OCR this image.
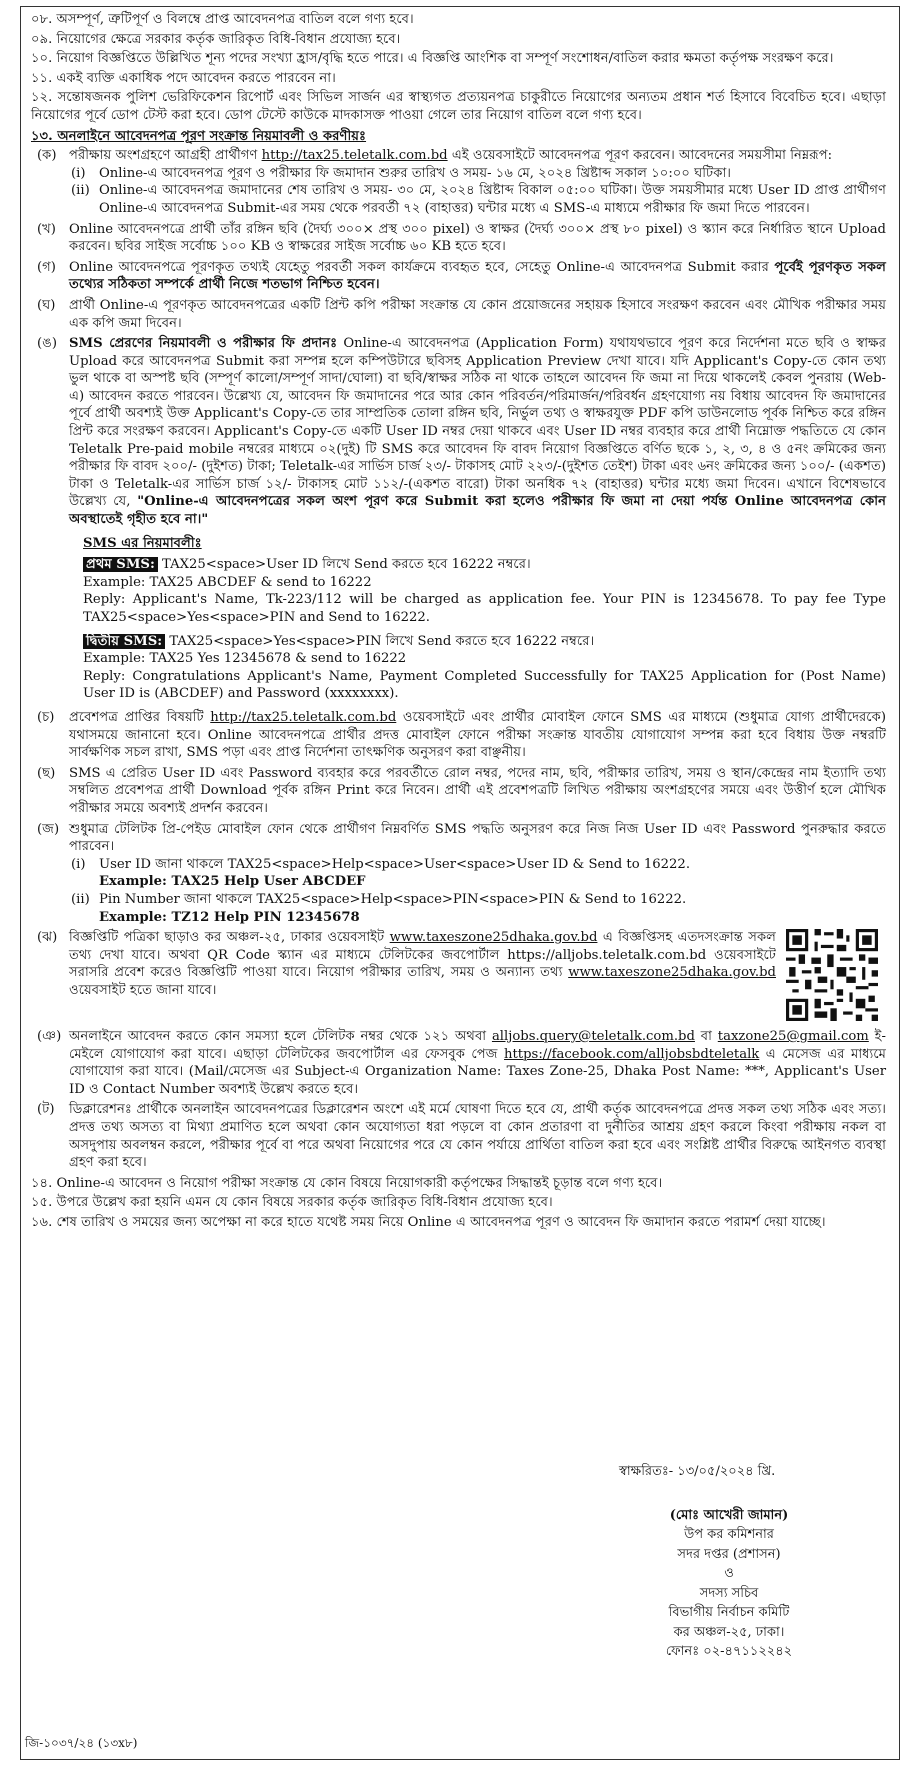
০৮. অসম্পূর্ণ, ত্রুটিপূর্ণ ও বিলম্বে প্রাপ্ত আবেদনপত্র বাতিল বলে গণ্য হবে।

০৯. নিয়োগের ক্ষেত্রে সরকার কর্তৃক জারিকৃত বিধি-বিধান প্রযোজ্য হবে।

১০. নিয়োগ বিজ্ঞপ্তিতে উল্লিখিত শূন্য পদের সংখ্যা হ্রাস/বৃদ্ধি হতে পারে। এ বিজ্ঞপ্তি আংশিক বা সম্পূর্ণ সংশোধন/বাতিল করার ক্ষমতা কর্তৃপক্ষ সংরক্ষণ করে।

১১. একই ব্যক্তি একাধিক পদে আবেদন করতে পারবেন না।

১২. সন্তোষজনক পুলিশ ভেরিফিকেশন রিপোর্ট এবং সিভিল সার্জন এর স্বাস্থ্যগত প্রত্যয়নপত্র চাকুরীতে নিয়োগের অন্যতম প্রধান শর্ত হিসাবে বিবেচিত হবে। এছাড়া নিয়োগের পূর্বে ডোপ টেস্ট করা হবে। ডোপ টেস্টে কাউকে মাদকাসক্ত পাওয়া গেলে তার নিয়োগ বাতিল বলে গণ্য হবে।

১৩. অনলাইনে আবেদনপত্র পূরণ সংক্রান্ত নিয়মাবলী ও করণীয়ঃ

(ক) পরীক্ষায় অংশগ্রহণে আগ্রহী প্রার্থীগণ http://tax25.teletalk.com.bd এই ওয়েবসাইটে আবেদনপত্র পূরণ করবেন। আবেদনের সময়সীমা নিম্নরূপ:
(i) Online-এ আবেদনপত্র পূরণ ও পরীক্ষার ফি জমাদান শুরুর তারিখ ও সময়- ১৬ মে, ২০২৪ খ্রিষ্টাব্দ সকাল ১০:০০ ঘটিকা।
(ii) Online-এ আবেদনপত্র জমাদানের শেষ তারিখ ও সময়- ৩০ মে, ২০২৪ খ্রিষ্টাব্দ বিকাল ০৫:০০ ঘটিকা। উক্ত সময়সীমার মধ্যে User ID প্রাপ্ত প্রার্থীগণ Online-এ আবেদনপত্র Submit-এর সময় থেকে পরবর্তী ৭২ (বাহাত্তর) ঘন্টার মধ্যে এ SMS-এ মাধ্যমে পরীক্ষার ফি জমা দিতে পারবেন।
(খ) Online আবেদনপত্রে প্রার্থী তাঁর রঙ্গিন ছবি (দৈর্ঘ্য ৩০০× প্রস্থ ৩০০ pixel) ও স্বাক্ষর (দৈর্ঘ্য ৩০০× প্রস্থ ৮০ pixel) ও স্ক্যান করে নির্ধারিত স্থানে Upload করবেন। ছবির সাইজ সর্বোচ্চ ১০০ KB ও স্বাক্ষরের সাইজ সর্বোচ্চ ৬০ KB হতে হবে।
(গ) Online আবেদনপত্রে পূরণকৃত তথ্যই যেহেতু পরবর্তী সকল কার্যক্রমে ব্যবহৃত হবে, সেহেতু Online-এ আবেদনপত্র Submit করার পূর্বেই পূরণকৃত সকল তথ্যের সঠিকতা সম্পর্কে প্রার্থী নিজে শতভাগ নিশ্চিত হবেন।
(ঘ) প্রার্থী Online-এ পূরণকৃত আবেদনপত্রের একটি প্রিন্ট কপি পরীক্ষা সংক্রান্ত যে কোন প্রয়োজনের সহায়ক হিসাবে সংরক্ষণ করবেন এবং মৌখিক পরীক্ষার সময় এক কপি জমা দিবেন।
(ঙ) SMS প্রেরণের নিয়মাবলী ও পরীক্ষার ফি প্রদানঃ Online-এ আবেদনপত্র (Application Form) যথাযথভাবে পূরণ করে নির্দেশনা মতে ছবি ও স্বাক্ষর Upload করে আবেদনপত্র Submit করা সম্পন্ন হলে কম্পিউটারে ছবিসহ Application Preview দেখা যাবে। যদি Applicant's Copy-তে কোন তথ্য ভুল থাকে বা অস্পষ্ট ছবি (সম্পূর্ণ কালো/সম্পূর্ণ সাদা/ঘোলা) বা ছবি/স্বাক্ষর সঠিক না থাকে তাহলে আবেদন ফি জমা না দিয়ে থাকলেই কেবল পুনরায় (Web-এ) আবেদন করতে পারবেন। উল্লেখ্য যে, আবেদন ফি জমাদানের পরে আর কোন পরিবর্তন/পরিমার্জন/পরিবর্ধন গ্রহণযোগ্য নয় বিধায় আবেদন ফি জমাদানের পূর্বে প্রার্থী অবশ্যই উক্ত Applicant's Copy-তে তার সাম্প্রতিক তোলা রঙ্গিন ছবি, নির্ভুল তথ্য ও স্বাক্ষরযুক্ত PDF কপি ডাউনলোড পূর্বক নিশ্চিত করে রঙ্গিন প্রিন্ট করে সংরক্ষণ করবেন। Applicant's Copy-তে একটি User ID নম্বর দেয়া থাকবে এবং User ID নম্বর ব্যবহার করে প্রার্থী নিম্নোক্ত পদ্ধতিতে যে কোন Teletalk Pre-paid mobile নম্বরের মাধ্যমে ০২(দুই) টি SMS করে আবেদন ফি বাবদ নিয়োগ বিজ্ঞপ্তিতে বর্ণিত ছকে ১, ২, ৩, ৪ ও ৫নং ক্রমিকের জন্য পরীক্ষার ফি বাবদ ২০০/- (দুইশত) টাকা; Teletalk-এর সার্ভিস চার্জ ২৩/- টাকাসহ মোট ২২৩/-(দুইশত তেইশ) টাকা এবং ৬নং ক্রমিকের জন্য ১০০/- (একশত) টাকা ও Teletalk-এর সার্ভিস চার্জ ১২/- টাকাসহ মোট ১১২/-(একশত বারো) টাকা অনধিক ৭২ (বাহাত্তর) ঘন্টার মধ্যে জমা দিবেন। এখানে বিশেষভাবে উল্লেখ্য যে, "Online-এ আবেদনপত্রের সকল অংশ পূরণ করে Submit করা হলেও পরীক্ষার ফি জমা না দেয়া পর্যন্ত Online আবেদনপত্র কোন অবস্থাতেই গৃহীত হবে না।"

SMS এর নিয়মাবলীঃ

প্রথম SMS: TAX25<space>User ID লিখে Send করতে হবে 16222 নম্বরে।
Example: TAX25 ABCDEF & send to 16222
Reply: Applicant's Name, Tk-223/112 will be charged as application fee. Your PIN is 12345678. To pay fee Type TAX25<space>Yes<space>PIN and Send to 16222.
দ্বিতীয় SMS: TAX25<space>Yes<space>PIN লিখে Send করতে হবে 16222 নম্বরে।
Example: TAX25 Yes 12345678 & send to 16222
Reply: Congratulations Applicant's Name, Payment Completed Successfully for TAX25 Application for (Post Name) User ID is (ABCDEF) and Password (xxxxxxxx).
(চ) প্রবেশপত্র প্রাপ্তির বিষয়টি http://tax25.teletalk.com.bd ওয়েবসাইটে এবং প্রার্থীর মোবাইল ফোনে SMS এর মাধ্যমে (শুধুমাত্র যোগ্য প্রার্থীদেরকে) যথাসময়ে জানানো হবে। Online আবেদনপত্রে প্রার্থীর প্রদত্ত মোবাইল ফোনে পরীক্ষা সংক্রান্ত যাবতীয় যোগাযোগ সম্পন্ন করা হবে বিধায় উক্ত নম্বরটি সার্বক্ষণিক সচল রাখা, SMS পড়া এবং প্রাপ্ত নির্দেশনা তাৎক্ষণিক অনুসরণ করা বাঞ্ছনীয়।
(ছ) SMS এ প্রেরিত User ID এবং Password ব্যবহার করে পরবর্তীতে রোল নম্বর, পদের নাম, ছবি, পরীক্ষার তারিখ, সময় ও স্থান/কেন্দ্রের নাম ইত্যাদি তথ্য সম্বলিত প্রবেশপত্র প্রার্থী Download পূর্বক রঙ্গিন Print করে নিবেন। প্রার্থী এই প্রবেশপত্রটি লিখিত পরীক্ষায় অংশগ্রহণের সময়ে এবং উত্তীর্ণ হলে মৌখিক পরীক্ষার সময়ে অবশ্যই প্রদর্শন করবেন।
(জ) শুধুমাত্র টেলিটক প্রি-পেইড মোবাইল ফোন থেকে প্রার্থীগণ নিম্নবর্ণিত SMS পদ্ধতি অনুসরণ করে নিজ নিজ User ID এবং Password পুনরুদ্ধার করতে পারবেন।
(i) User ID জানা থাকলে TAX25<space>Help<space>User<space>User ID & Send to 16222.
Example: TAX25 Help User ABCDEF
(ii) Pin Number জানা থাকলে TAX25<space>Help<space>PIN<space>PIN & Send to 16222.
Example: TZ12 Help PIN 12345678
(ঝ) বিজ্ঞপ্তিটি পত্রিকা ছাড়াও কর অঞ্চল-২৫, ঢাকার ওয়েবসাইট www.taxeszone25dhaka.gov.bd এ বিজ্ঞপ্তিসহ এতদসংক্রান্ত সকল তথ্য দেখা যাবে। অথবা QR Code স্ক্যান এর মাধ্যমে টেলিটকের জবপোর্টাল https://alljobs.teletalk.com.bd ওয়েবসাইটে সরাসরি প্রবেশ করেও বিজ্ঞপ্তিটি পাওয়া যাবে। নিয়োগ পরীক্ষার তারিখ, সময় ও অন্যান্য তথ্য www.taxeszone25dhaka.gov.bd ওয়েবসাইট হতে জানা যাবে।
(ঞ) অনলাইনে আবেদন করতে কোন সমস্যা হলে টেলিটক নম্বর থেকে ১২১ অথবা alljobs.query@teletalk.com.bd বা taxzone25@gmail.com ই-মেইলে যোগাযোগ করা যাবে। এছাড়া টেলিটকের জবপোর্টাল এর ফেসবুক পেজ https://facebook.com/alljobsbdteletalk এ মেসেজ এর মাধ্যমে যোগাযোগ করা যাবে। (Mail/মেসেজ এর Subject-এ Organization Name: Taxes Zone-25, Dhaka Post Name: ***, Applicant's User ID ও Contact Number অবশ্যই উল্লেখ করতে হবে।
(ট) ডিক্লারেশনঃ প্রার্থীকে অনলাইন আবেদনপত্রের ডিক্লারেশন অংশে এই মর্মে ঘোষণা দিতে হবে যে, প্রার্থী কর্তৃক আবেদনপত্রে প্রদত্ত সকল তথ্য সঠিক এবং সত্য। প্রদত্ত তথ্য অসত্য বা মিথ্যা প্রমাণিত হলে অথবা কোন অযোগ্যতা ধরা পড়লে বা কোন প্রতারণা বা দুর্নীতির আশ্রয় গ্রহণ করলে কিংবা পরীক্ষায় নকল বা অসদুপায় অবলম্বন করলে, পরীক্ষার পূর্বে বা পরে অথবা নিয়োগের পরে যে কোন পর্যায়ে প্রার্থিতা বাতিল করা হবে এবং সংশ্লিষ্ট প্রার্থীর বিরুদ্ধে আইনগত ব্যবস্থা গ্রহণ করা হবে।

১৪. Online-এ আবেদন ও নিয়োগ পরীক্ষা সংক্রান্ত যে কোন বিষয়ে নিয়োগকারী কর্তৃপক্ষের সিদ্ধান্তই চূড়ান্ত বলে গণ্য হবে।

১৫. উপরে উল্লেখ করা হয়নি এমন যে কোন বিষয়ে সরকার কর্তৃক জারিকৃত বিধি-বিধান প্রযোজ্য হবে।

১৬. শেষ তারিখ ও সময়ের জন্য অপেক্ষা না করে হাতে যথেষ্ট সময় নিয়ে Online এ আবেদনপত্র পূরণ ও আবেদন ফি জমাদান করতে পরামর্শ দেয়া যাচ্ছে।

স্বাক্ষরিতঃ- ১৩/০৫/২০২৪ খ্রি.
(মোঃ আখেরী জামান)
উপ কর কমিশনার
সদর দপ্তর (প্রশাসন)
ও
সদস্য সচিব
বিভাগীয় নির্বাচন কমিটি
কর অঞ্চল-২৫, ঢাকা।
ফোনঃ ০২-৪৭১১২২৪২
জি-১০৩৭/২৪ (১৩x৮)
